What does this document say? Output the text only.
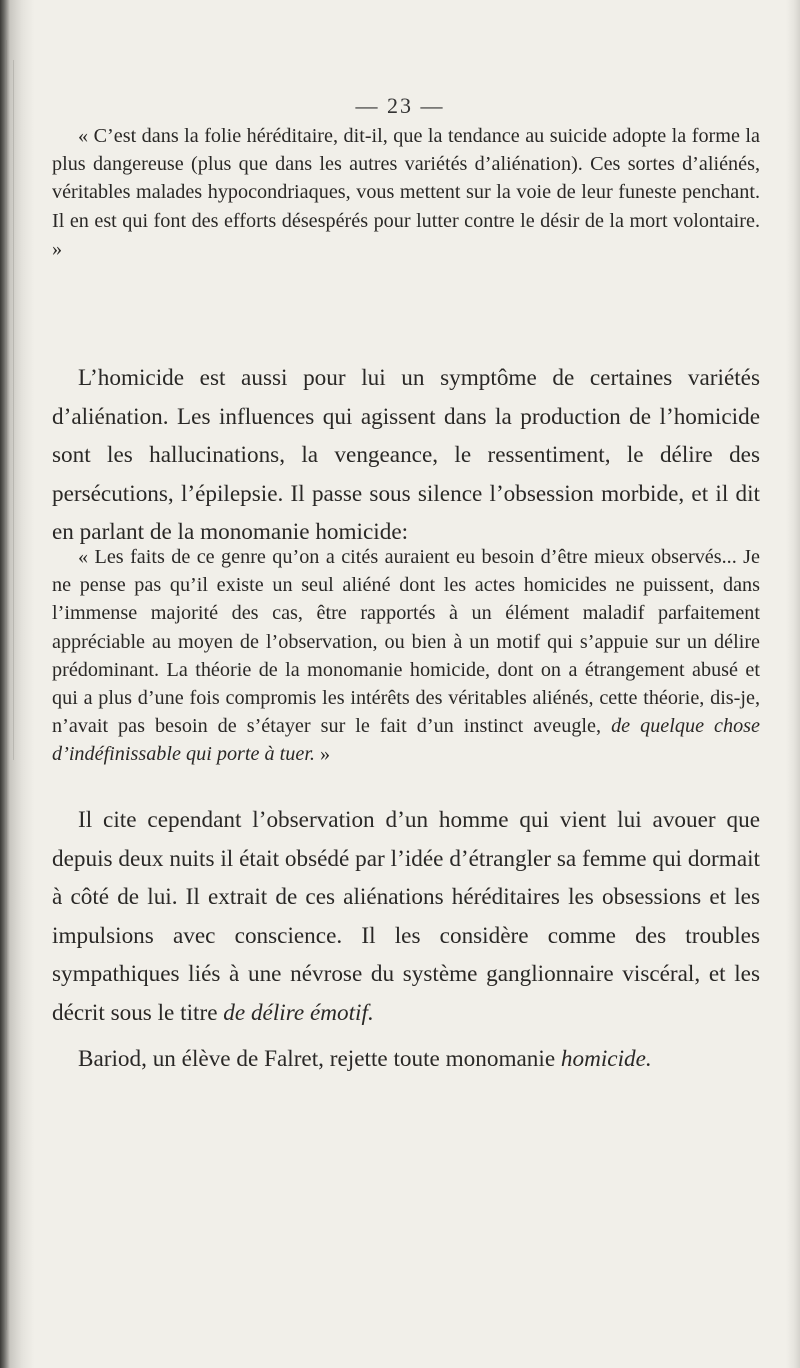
— 23 —

« C’est dans la folie héréditaire, dit-il, que la tendance au suicide adopte la forme la plus dangereuse (plus que dans les autres variétés d’aliénation). Ces sortes d’aliénés, véritables malades hypocondriaques, vous mettent sur la voie de leur funeste penchant. Il en est qui font des efforts désespérés pour lutter contre le désir de la mort volontaire. »

L’homicide est aussi pour lui un symptôme de certaines variétés d’aliénation. Les influences qui agissent dans la production de l’homicide sont les hallucinations, la vengeance, le ressentiment, le délire des persécutions, l’épilepsie. Il passe sous silence l’obsession morbide, et il dit en parlant de la monomanie homicide:

« Les faits de ce genre qu’on a cités auraient eu besoin d’être mieux observés... Je ne pense pas qu’il existe un seul aliéné dont les actes homicides ne puissent, dans l’immense majorité des cas, être rapportés à un élément maladif parfaitement appréciable au moyen de l’observation, ou bien à un motif qui s’appuie sur un délire prédominant. La théorie de la monomanie homicide, dont on a étrangement abusé et qui a plus d’une fois compromis les intérêts des véritables aliénés, cette théorie, dis-je, n’avait pas besoin de s’étayer sur le fait d’un instinct aveugle, de quelque chose d’indéfinissable qui porte à tuer. »

Il cite cependant l’observation d’un homme qui vient lui avouer que depuis deux nuits il était obsédé par l’idée d’étrangler sa femme qui dormait à côté de lui. Il extrait de ces aliénations héréditaires les obsessions et les impulsions avec conscience. Il les considère comme des troubles sympathiques liés à une névrose du système ganglionnaire viscéral, et les décrit sous le titre de délire émotif.

Bariod, un élève de Falret, rejette toute monomanie homicide.
